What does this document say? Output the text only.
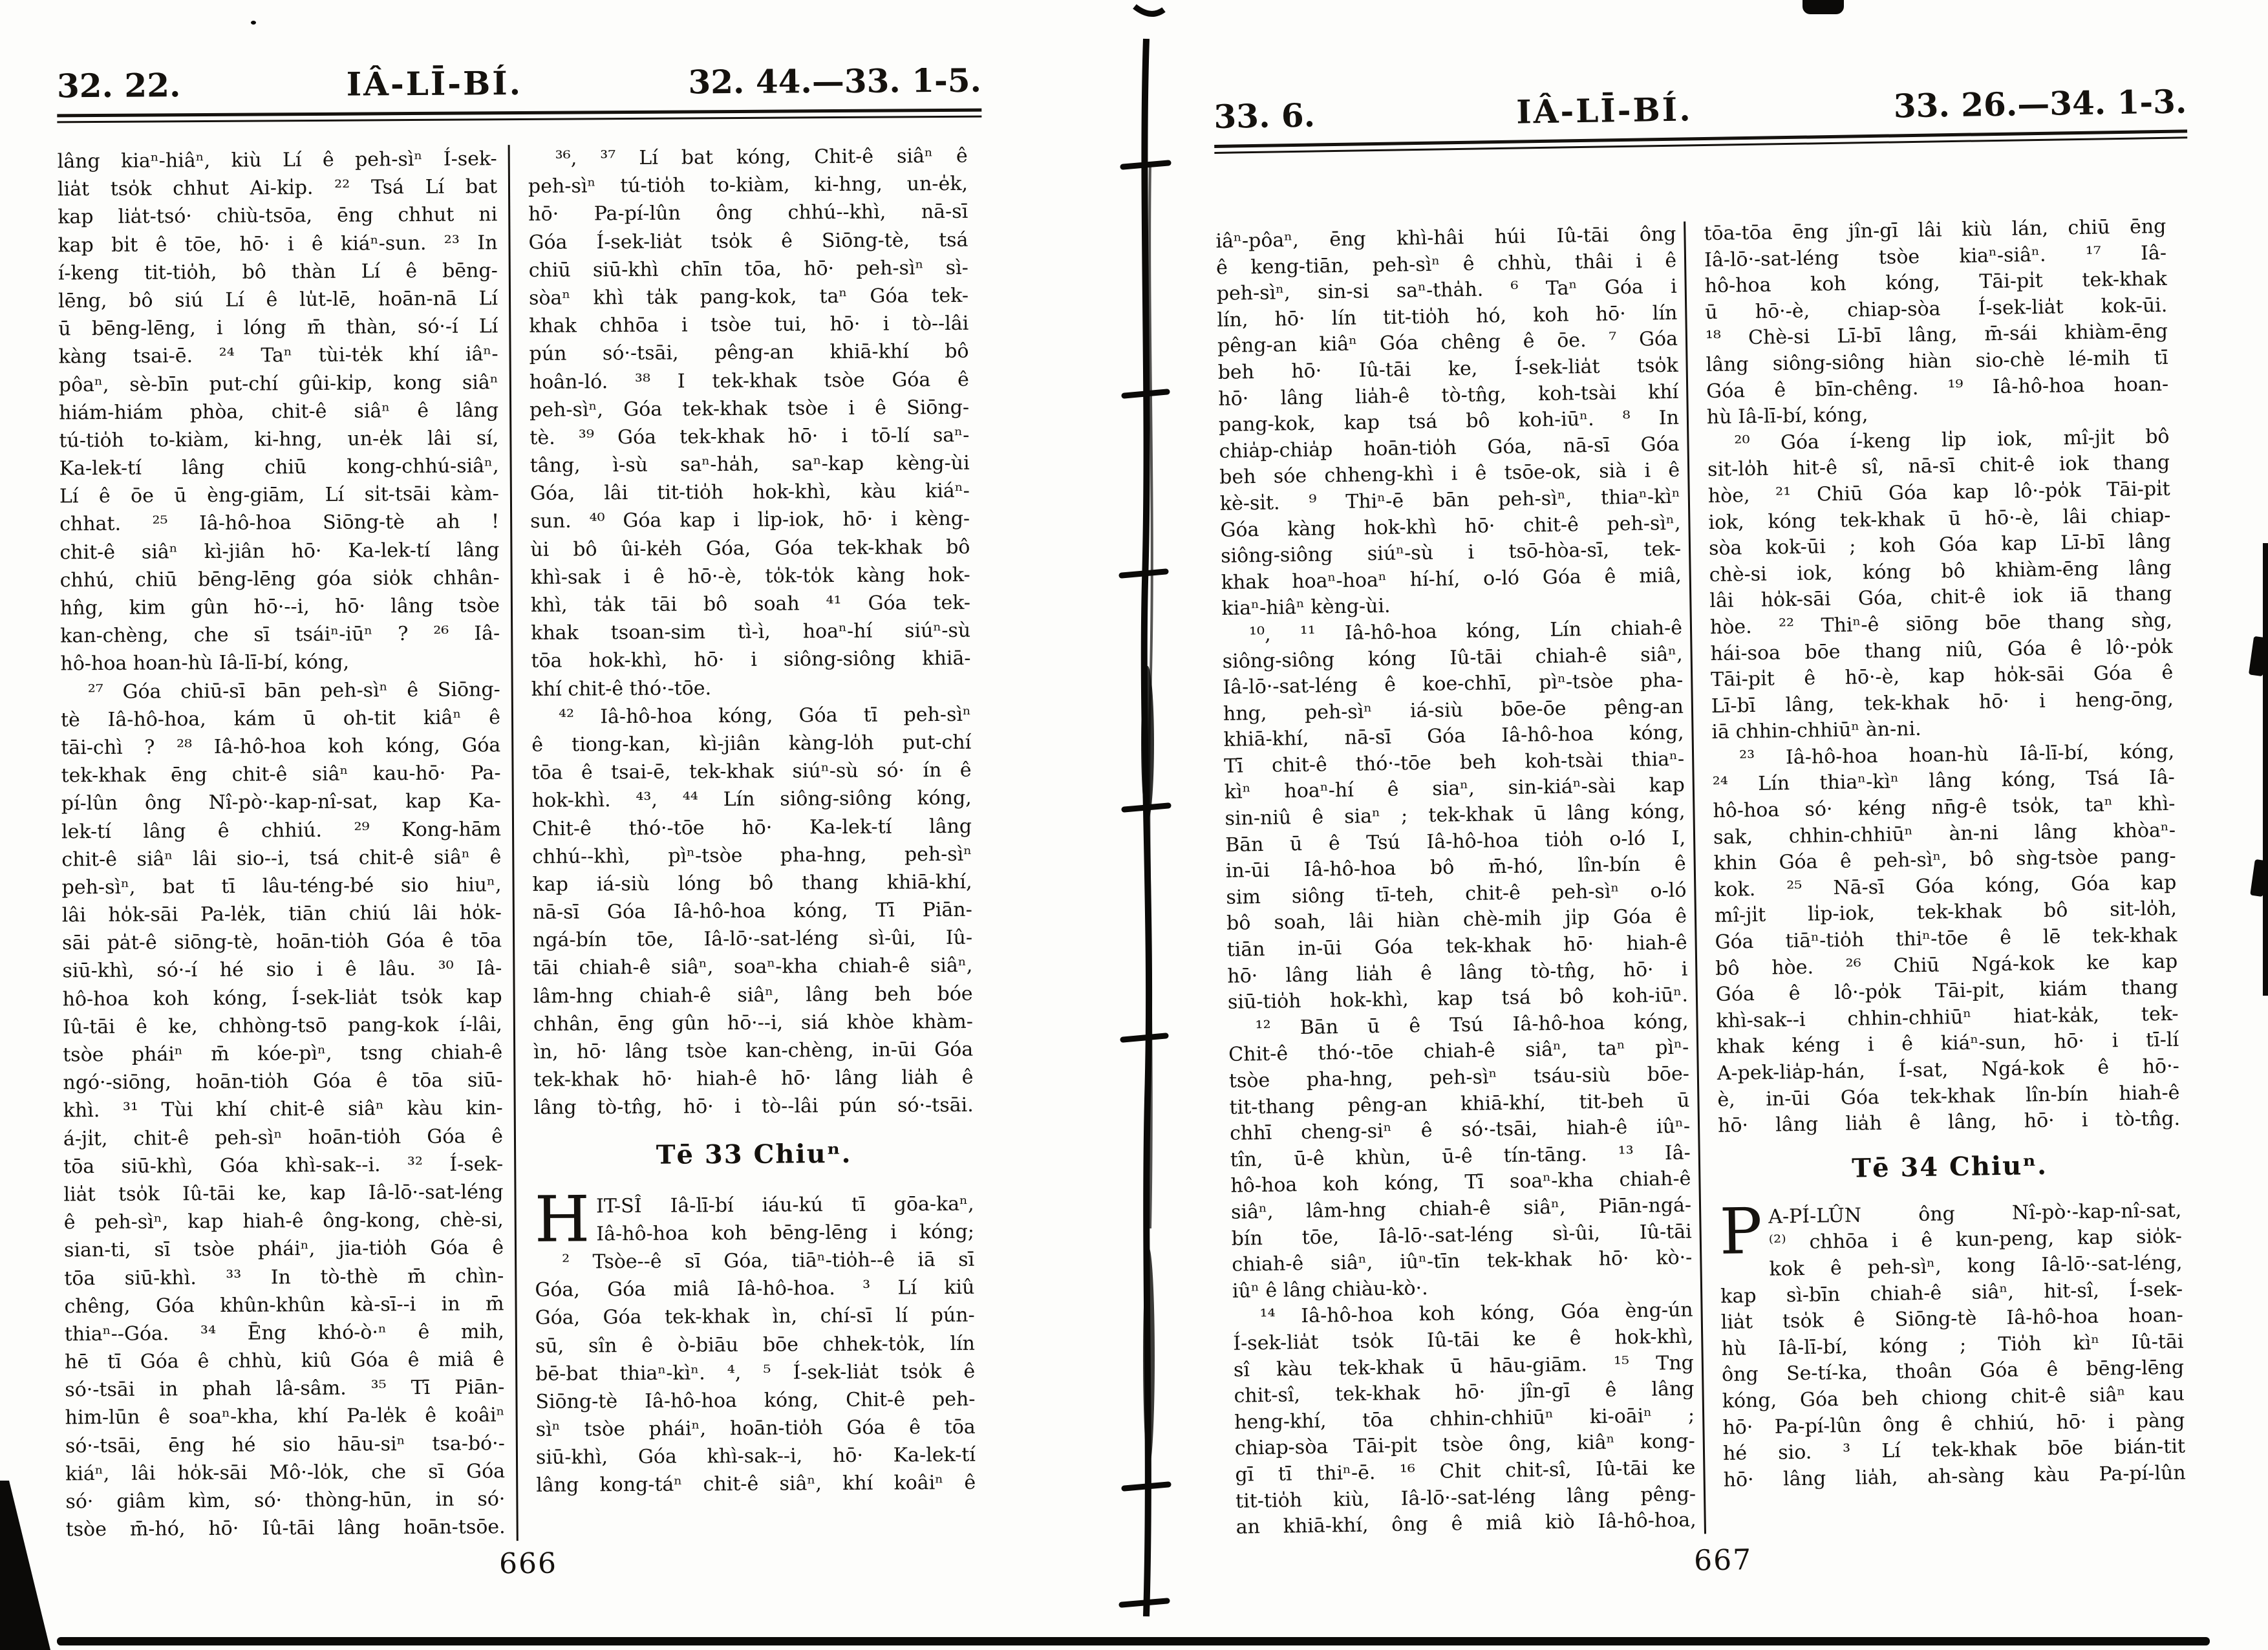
32. 22.	IÂ-LĪ-BÍ.	32. 44.—33. 1-5.
lâng kiaⁿ-hiâⁿ, kiù Lí ê peh-sìⁿ Í-sek-
lia̍t tso̍k chhut Ai-ki̍p. ²² Tsá Lí bat
kap lia̍t-tsó· chiù-tsōa, ēng chhut ni
kap bi̍t ê tōe, hō· i ê kiáⁿ-sun. ²³ In
í-keng tit-tio̍h, bô thàn Lí ê bēng-
lēng, bô siú Lí ê lu̍t-lē, hoān-nā Lí
ū bēng-lēng, i lóng m̄ thàn, só·-í Lí
kàng tsai-ē. ²⁴ Taⁿ tùi-te̍k khí iâⁿ-
pôaⁿ, sè-bīn put-chí gûi-ki̍p, kong siâⁿ
hiám-hiám phòa, chit-ê siâⁿ ê lâng
tú-tio̍h to-kiàm, ki-hng, un-e̍k lâi sí,
Ka-lek-tí lâng chiū kong-chhú-siâⁿ,
Lí ê ōe ū èng-giām, Lí si̍t-tsāi kàm-
chhat. ²⁵ Iâ-hô-hoa Siōng-tè ah !
chit-ê siâⁿ kì-jiân hō· Ka-lek-tí lâng
chhú, chiū bēng-lēng góa sio̍k chhân-
hn̂g, kim gûn hō·--i, hō· lâng tsòe
kan-chèng, che sī tsáiⁿ-iūⁿ ? ²⁶ Iâ-
hô-hoa hoan-hù Iâ-lī-bí, kóng,
²⁷ Góa chiū-sī bān peh-sìⁿ ê Siōng-
tè Iâ-hô-hoa, kám ū oh-tit kiâⁿ ê
tāi-chì ? ²⁸ Iâ-hô-hoa koh kóng, Góa
tek-khak ēng chit-ê siâⁿ kau-hō· Pa-
pí-lûn ông Nî-pò·-kap-nî-sat, kap Ka-
lek-tí lâng ê chhiú. ²⁹ Kong-hām
chit-ê siâⁿ lâi sio--i, tsá chit-ê siâⁿ ê
peh-sìⁿ, bat tī lâu-téng-bé sio hiuⁿ,
lâi ho̍k-sāi Pa-le̍k, tiān chiú lâi ho̍k-
sāi pa̍t-ê siōng-tè, hoān-tio̍h Góa ê tōa
siū-khì, só·-í hé sio i ê lâu. ³⁰ Iâ-
hô-hoa koh kóng, Í-sek-lia̍t tso̍k kap
Iû-tāi ê ke, chhòng-tsō pang-kok í-lâi,
tsòe pháiⁿ m̄ kóe-pìⁿ, tsng chiah-ê
ngó·-siōng, hoān-tio̍h Góa ê tōa siū-
khì. ³¹ Tùi khí chit-ê siâⁿ kàu kin-
á-ji̍t, chit-ê peh-sìⁿ hoān-tio̍h Góa ê
tōa siū-khì, Góa khì-sak--i. ³² Í-sek-
lia̍t tso̍k Iû-tāi ke, kap Iâ-lō·-sat-léng
ê peh-sìⁿ, kap hiah-ê ông-kong, chè-si,
sian-ti, sī tsòe pháiⁿ, jia-tio̍h Góa ê
tōa siū-khì. ³³ In tò-thè m̄ chìn-
chêng, Góa khûn-khûn kà-sī--i in m̄
thiaⁿ--Góa. ³⁴ Ēng khó-ò·ⁿ ê mi̍h,
hē tī Góa ê chhù, kiû Góa ê miâ ê
só·-tsāi in phah lâ-sâm. ³⁵ Tī Piān-
him-lūn ê soaⁿ-kha, khí Pa-le̍k ê koâiⁿ
só·-tsāi, ēng hé sio hāu-siⁿ tsa-bó·-
kiáⁿ, lâi ho̍k-sāi Mô·-lo̍k, che sī Góa
só· giâm kìm, só· thòng-hūn, in só·
tsòe m̄-hó, hō· Iû-tāi lâng hoān-tsōe.
³⁶, ³⁷ Lí bat kóng, Chit-ê siâⁿ ê
peh-sìⁿ tú-tio̍h to-kiàm, ki-hng, un-e̍k,
hō· Pa-pí-lûn ông chhú--khì, nā-sī
Góa Í-sek-lia̍t tso̍k ê Siōng-tè, tsá
chiū siū-khì chīn tōa, hō· peh-sìⁿ sì-
sòaⁿ khì ta̍k pang-kok, taⁿ Góa tek-
khak chhōa i tsòe tui, hō· i tò--lâi
pún só·-tsāi, pêng-an khiā-khí bô
hoân-ló. ³⁸ I tek-khak tsòe Góa ê
peh-sìⁿ, Góa tek-khak tsòe i ê Siōng-
tè. ³⁹ Góa tek-khak hō· i tō-lí saⁿ-
tâng, ì-sù saⁿ-ha̍h, saⁿ-kap kèng-ùi
Góa, lâi tit-tio̍h hok-khì, kàu kiáⁿ-
sun. ⁴⁰ Góa kap i li̍p-iok, hō· i kèng-
ùi bô ûi-ke̍h Góa, Góa tek-khak bô
khì-sak i ê hō·-è, to̍k-to̍k kàng hok-
khì, ta̍k tāi bô soah ⁴¹ Góa tek-
khak tsoan-sim tì-ì, hoaⁿ-hí siúⁿ-sù
tōa hok-khì, hō· i siông-siông khiā-
khí chit-ê thó·-tōe.
⁴² Iâ-hô-hoa kóng, Góa tī peh-sìⁿ
ê tiong-kan, kì-jiân kàng-lo̍h put-chí
tōa ê tsai-ē, tek-khak siúⁿ-sù só· ín ê
hok-khì. ⁴³, ⁴⁴ Lín siông-siông kóng,
Chit-ê thó·-tōe hō· Ka-lek-tí lâng
chhú--khì, pìⁿ-tsòe pha-hng, peh-sìⁿ
kap iá-siù lóng bô thang khiā-khí,
nā-sī Góa Iâ-hô-hoa kóng, Tī Piān-
ngá-bín tōe, Iâ-lō·-sat-léng sì-ûi, Iû-
tāi chiah-ê siâⁿ, soaⁿ-kha chiah-ê siâⁿ,
lâm-hng chiah-ê siâⁿ, lâng beh bóe
chhân, ēng gûn hō·--i, siá khòe khàm-
ìn, hō· lâng tsòe kan-chèng, in-ūi Góa
tek-khak hō· hiah-ê hō· lâng lia̍h ê
lâng tò-tn̂g, hō· i tò--lâi pún só·-tsāi.
Tē 33 Chiuⁿ.
H IT-SÎ Iâ-lī-bí iáu-kú tī gōa-kaⁿ,
Iâ-hô-hoa koh bēng-lēng i kóng;
² Tsòe--ê sī Góa, tiāⁿ-tio̍h--ê iā sī
Góa, Góa miâ Iâ-hô-hoa. ³ Lí kiû
Góa, Góa tek-khak ìn, chí-sī lí pún-
sū, sîn ê ò-biāu bōe chhek-to̍k, lín
bē-bat thiaⁿ-kìⁿ. ⁴, ⁵ Í-sek-lia̍t tso̍k ê
Siōng-tè Iâ-hô-hoa kóng, Chit-ê peh-
sìⁿ tsòe pháiⁿ, hoān-tio̍h Góa ê tōa
siū-khì, Góa khì-sak--i, hō· Ka-lek-tí
lâng kong-táⁿ chit-ê siâⁿ, khí koâiⁿ ê
666
33. 6.	IÂ-LĪ-BÍ.	33. 26.—34. 1-3.
iâⁿ-pôaⁿ, ēng khì-hâi húi Iû-tāi ông
ê keng-tiān, peh-sìⁿ ê chhù, thâi i ê
peh-sìⁿ, sin-si saⁿ-tha̍h. ⁶ Taⁿ Góa i
lín, hō· lín tit-tio̍h hó, koh hō· lín
pêng-an kiâⁿ Góa chêng ê ōe. ⁷ Góa
beh hō· Iû-tāi ke, Í-sek-lia̍t tso̍k
hō· lâng lia̍h-ê tò-tn̂g, koh-tsài khí
pang-kok, kap tsá bô koh-iūⁿ. ⁸ In
chia̍p-chia̍p hoān-tio̍h Góa, nā-sī Góa
beh sóe chheng-khì i ê tsōe-ok, sià i ê
kè-si̍t. ⁹ Thiⁿ-ē bān peh-sìⁿ, thiaⁿ-kìⁿ
Góa kàng hok-khì hō· chit-ê peh-sìⁿ,
siông-siông siúⁿ-sù i tsō-hòa-sī, tek-
khak hoaⁿ-hoaⁿ hí-hí, o-ló Góa ê miâ,
kiaⁿ-hiâⁿ kèng-ùi.
¹⁰, ¹¹ Iâ-hô-hoa kóng, Lín chiah-ê
siông-siông kóng Iû-tāi chiah-ê siâⁿ,
Iâ-lō·-sat-léng ê koe-chhī, pìⁿ-tsòe pha-
hng, peh-sìⁿ iá-siù bōe-ōe pêng-an
khiā-khí, nā-sī Góa Iâ-hô-hoa kóng,
Tī chit-ê thó·-tōe beh koh-tsài thiaⁿ-
kìⁿ hoaⁿ-hí ê siaⁿ, sin-kiáⁿ-sài kap
sin-niû ê siaⁿ ; tek-khak ū lâng kóng,
Bān ū ê Tsú Iâ-hô-hoa tio̍h o-ló I,
in-ūi Iâ-hô-hoa bô m̄-hó, lîn-bín ê
sim siông tī-teh, chit-ê peh-sìⁿ o-ló
bô soah, lâi hiàn chè-mi̍h ji̍p Góa ê
tiān in-ūi Góa tek-khak hō· hiah-ê
hō· lâng lia̍h ê lâng tò-tn̂g, hō· i
siū-tio̍h hok-khì, kap tsá bô koh-iūⁿ.
¹² Bān ū ê Tsú Iâ-hô-hoa kóng,
Chit-ê thó·-tōe chiah-ê siâⁿ, taⁿ pìⁿ-
tsòe pha-hng, peh-sìⁿ tsáu-siù bōe-
tit-thang pêng-an khiā-khí, tit-beh ū
chhī cheng-siⁿ ê só·-tsāi, hiah-ê iûⁿ-
tîn, ū-ê khùn, ū-ê tín-tāng. ¹³ Iâ-
hô-hoa koh kóng, Tī soaⁿ-kha chiah-ê
siâⁿ, lâm-hng chiah-ê siâⁿ, Piān-ngá-
bín tōe, Iâ-lō·-sat-léng sì-ûi, Iû-tāi
chiah-ê siâⁿ, iûⁿ-tīn tek-khak hō· kò·-
iûⁿ ê lâng chiàu-kò·.
¹⁴ Iâ-hô-hoa koh kóng, Góa èng-ún
Í-sek-lia̍t tso̍k Iû-tāi ke ê hok-khì,
sî kàu tek-khak ū hāu-giām. ¹⁵ Tng
chit-sî, tek-khak hō· jîn-gī ê lâng
heng-khí, tōa chhin-chhiūⁿ ki-oāiⁿ ;
chiap-sòa Tāi-pi̍t tsòe ông, kiâⁿ kong-
gī tī thiⁿ-ē. ¹⁶ Chit chit-sî, Iû-tāi ke
tit-tio̍h kiù, Iâ-lō·-sat-léng lâng pêng-
an khiā-khí, ông ê miâ kiò Iâ-hô-hoa,
tōa-tōa ēng jîn-gī lâi kiù lán, chiū ēng
Iâ-lō·-sat-léng tsòe kiaⁿ-siâⁿ. ¹⁷ Iâ-
hô-hoa koh kóng, Tāi-pi̍t tek-khak
ū hō·-è, chiap-sòa Í-sek-lia̍t kok-ūi.
¹⁸ Chè-si Lī-bī lâng, m̄-sái khiàm-ēng
lâng siông-siông hiàn sio-chè lé-mi̍h tī
Góa ê bīn-chêng. ¹⁹ Iâ-hô-hoa hoan-
hù Iâ-lī-bí, kóng,
²⁰ Góa í-keng li̍p iok, mî-ji̍t bô
sit-lo̍h hit-ê sî, nā-sī chit-ê iok thang
hòe, ²¹ Chiū Góa kap lô·-po̍k Tāi-pi̍t
iok, kóng tek-khak ū hō·-è, lâi chiap-
sòa kok-ūi ; koh Góa kap Lī-bī lâng
chè-si iok, kóng bô khiàm-ēng lâng
lâi ho̍k-sāi Góa, chit-ê iok iā thang
hòe. ²² Thiⁿ-ê siōng bōe thang sǹg,
hái-soa bōe thang niû, Góa ê lô·-po̍k
Tāi-pi̍t ê hō·-è, kap ho̍k-sāi Góa ê
Lī-bī lâng, tek-khak hō· i heng-ōng,
iā chhin-chhiūⁿ àn-ni.
²³ Iâ-hô-hoa hoan-hù Iâ-lī-bí, kóng,
²⁴ Lín thiaⁿ-kìⁿ lâng kóng, Tsá Iâ-
hô-hoa só· kéng nn̄g-ê tso̍k, taⁿ khì-
sak, chhin-chhiūⁿ àn-ni lâng khòaⁿ-
khin Góa ê peh-sìⁿ, bô sǹg-tsòe pang-
kok. ²⁵ Nā-sī Góa kóng, Góa kap
mî-ji̍t li̍p-iok, tek-khak bô sit-lo̍h,
Góa tiāⁿ-tio̍h thiⁿ-tōe ê lē tek-khak
bô hòe. ²⁶ Chiū Ngá-kok ke kap
Góa ê lô·-po̍k Tāi-pi̍t, kiám thang
khì-sak--i chhin-chhiūⁿ hiat-ka̍k, tek-
khak kéng i ê kiáⁿ-sun, hō· i tī-lí
A-pek-lia̍p-hán, Í-sat, Ngá-kok ê hō·-
è, in-ūi Góa tek-khak lîn-bín hiah-ê
hō· lâng lia̍h ê lâng, hō· i tò-tn̂g.
Tē 34 Chiuⁿ.
P A-PÍ-LÛN ông Nî-pò·-kap-nî-sat,
⁽²⁾ chhōa i ê kun-peng, kap sio̍k-
kok ê peh-sìⁿ, kong Iâ-lō·-sat-léng,
kap sì-bīn chiah-ê siâⁿ, hit-sî, Í-sek-
lia̍t tso̍k ê Siōng-tè Iâ-hô-hoa hoan-
hù Iâ-lī-bí, kóng ; Tio̍h kìⁿ Iû-tāi
ông Se-tí-ka, thoân Góa ê bēng-lēng
kóng, Góa beh chiong chit-ê siâⁿ kau
hō· Pa-pí-lûn ông ê chhiú, hō· i pàng
hé sio. ³ Lí tek-khak bōe bián-tit
hō· lâng lia̍h, ah-sàng kàu Pa-pí-lûn
667
